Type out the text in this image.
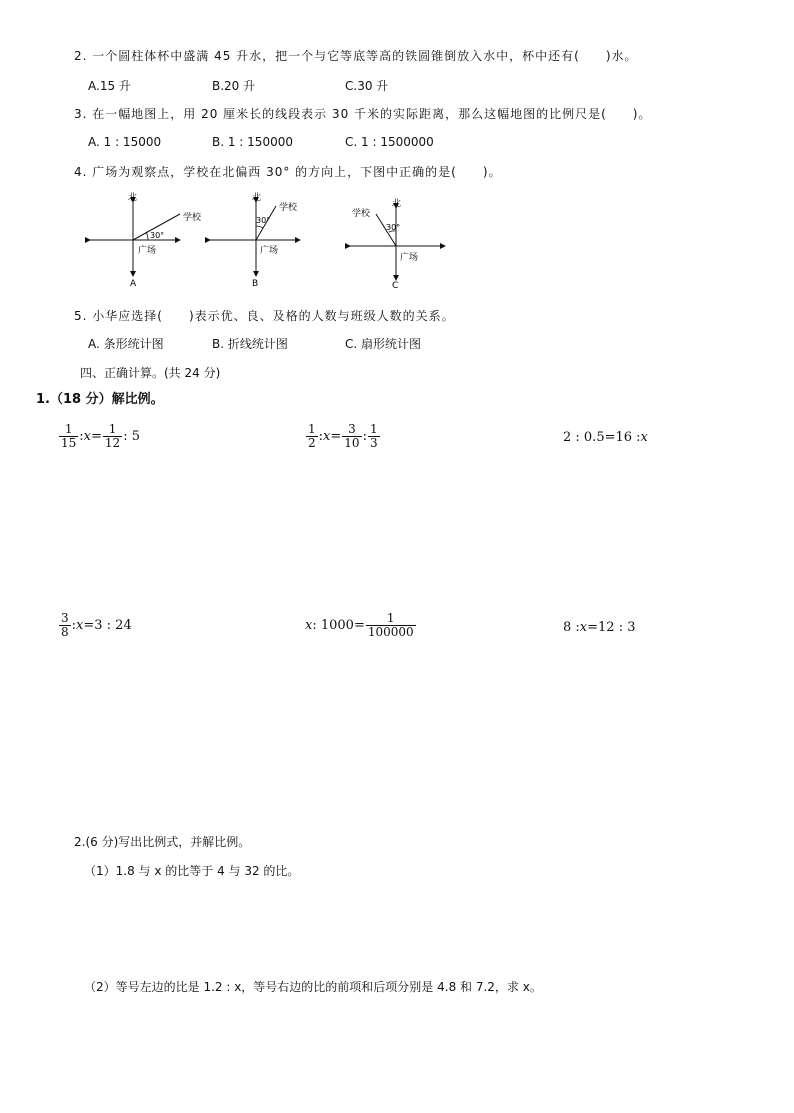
2. 一个圆柱体杯中盛满 45 升水，把一个与它等底等高的铁圆锥倒放入水中，杯中还有(　　)水。
A.15 升	B.20 升	C.30 升
3. 在一幅地图上，用 20 厘米长的线段表示 30 千米的实际距离，那么这幅地图的比例尺是(　　)。
A. 1 : 15000	B. 1 : 150000	C. 1 : 1500000
4. 广场为观察点，学校在北偏西 30° 的方向上，下图中正确的是(　　)。
北
学校
30°
广场
A
北
学校
30°
广场
B
北
学校
30°
广场
C
5. 小华应选择(　　)表示优、良、及格的人数与班级人数的关系。
A. 条形统计图	B. 折线统计图	C. 扇形统计图
四、正确计算。(共 24 分)
1.（18 分）解比例。
$\frac{1}{15}$ : $x = \frac{1}{12}$ : 5	$\frac{1}{2}$ : $x = \frac{3}{10}$ : $\frac{1}{3}$	2 : 0.5=16 : x
$\frac{3}{8}$ : x =3 : 24	x : $1000= \frac{1}{100000}$	8 : x =12 : 3
2.(6 分)写出比例式，并解比例。
（1）1.8 与 x 的比等于 4 与 32 的比。
（2）等号左边的比是 1.2 : x，等号右边的比的前项和后项分别是 4.8 和 7.2，求 x。
